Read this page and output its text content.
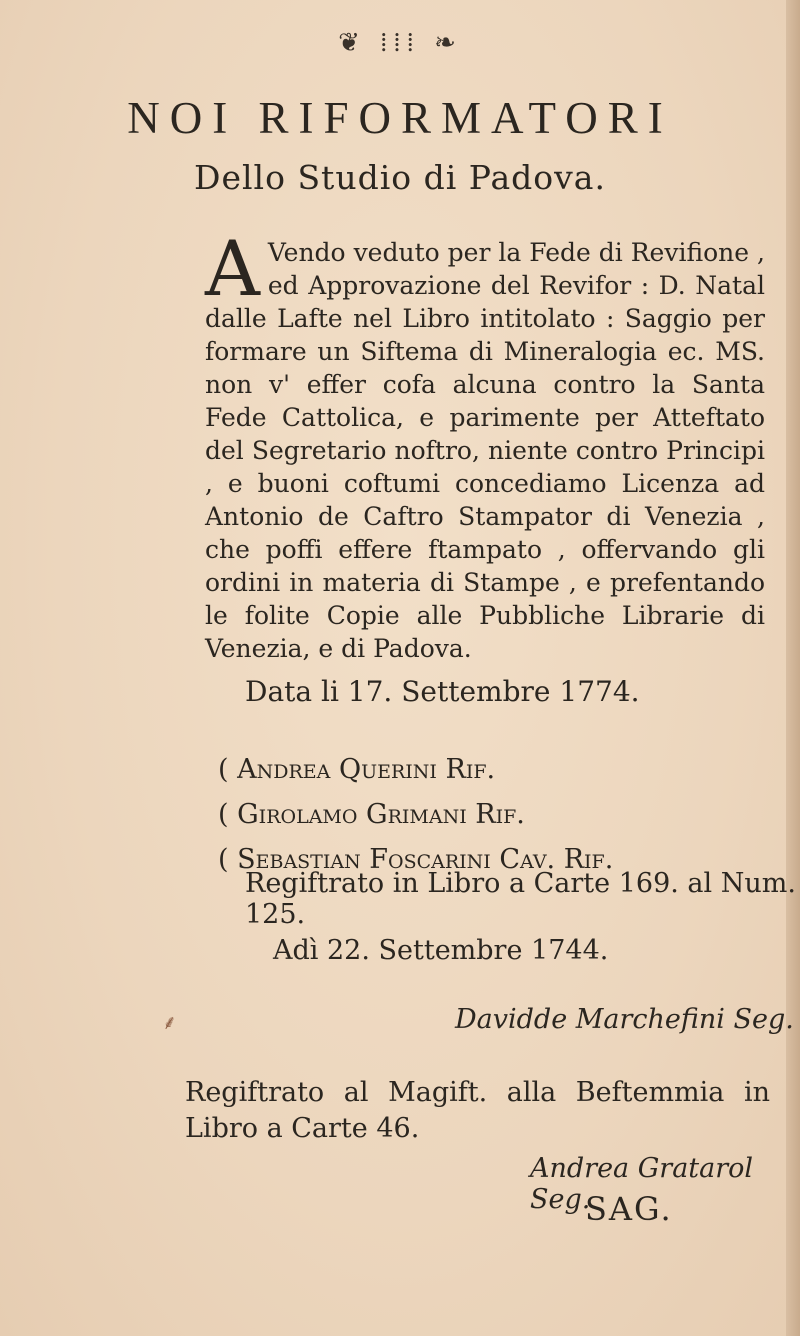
❦ ⁞⁞⁞ ❧
NOI RIFORMATORI
Dello Studio di Padova.
A Vendo veduto per la Fede di Revifione , ed Approvazione del Revifor : D. Natal dalle Lafte nel Libro intitolato : Saggio per formare un Siftema di Mineralogia ec. MS. non v' effer cofa alcuna contro la Santa Fede Cattolica, e parimente per Atteftato del Segretario noftro, niente contro Principi , e buoni coftumi concediamo Licenza ad Antonio de Caftro Stampator di Venezia , che poffi effere ftampato , offervando gli ordini in materia di Stampe , e prefentando le folite Copie alle Pubbliche Librarie di Venezia, e di Padova.
Data li 17. Settembre 1774.
( Andrea Querini Rif.
( Girolamo Grimani Rif.
( Sebastian Foscarini Cav. Rif.
Regiftrato in Libro a Carte 169. al Num. 125.
Adì 22. Settembre 1744.
Davidde Marchefini Seg.
⸙
Regiftrato al Magift. alla Beftemmia in Libro a Carte 46.
Andrea Gratarol Seg.
SAG.
